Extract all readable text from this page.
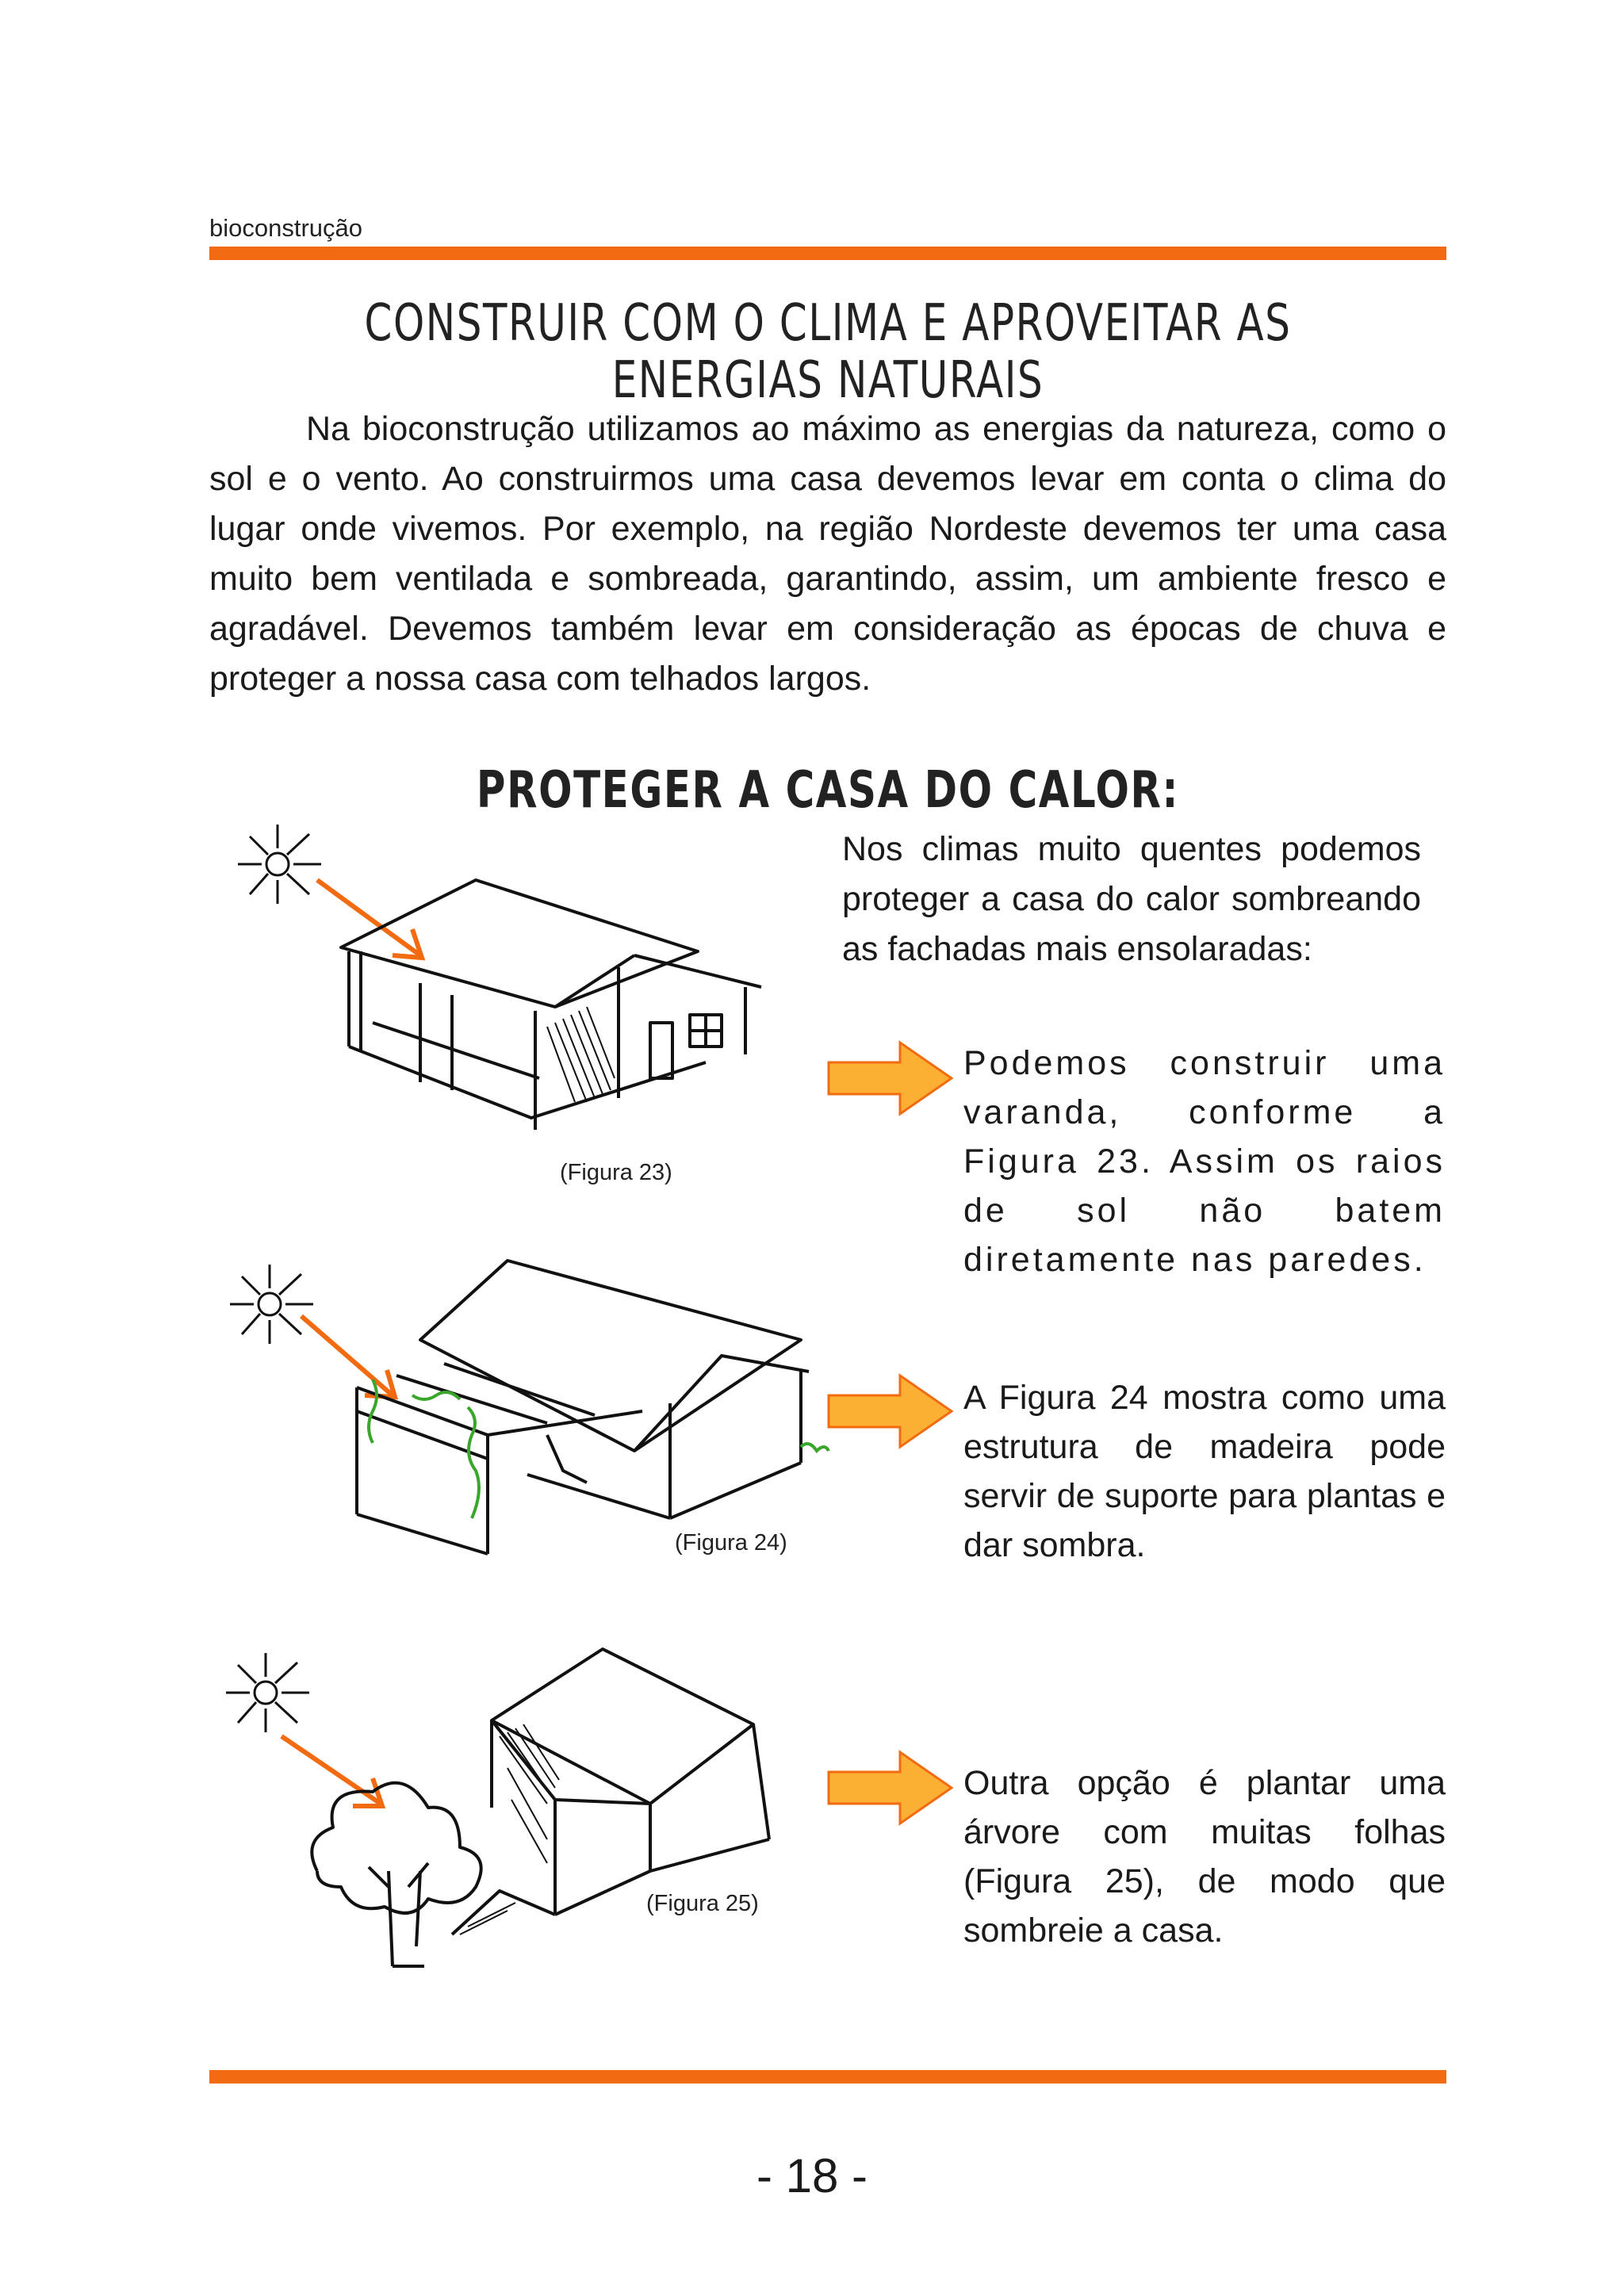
bioconstrução
CONSTRUIR COM O CLIMA E APROVEITAR AS ENERGIAS NATURAIS

Na bioconstrução utilizamos ao máximo as energias da natureza, como o sol e o vento. Ao construirmos uma casa devemos levar em conta o clima do lugar onde vivemos. Por exemplo, na região Nordeste devemos ter uma casa muito bem ventilada e sombreada, garantindo, assim, um ambiente fresco e agradável. Devemos também levar em consideração as épocas de chuva e proteger a nossa casa com telhados largos.

PROTEGER A CASA DO CALOR:

Nos climas muito quentes podemos proteger a casa do calor sombreando as fachadas mais ensolaradas:

(Figura 23)

Podemos construir uma varanda, conforme a Figura 23. Assim os raios de sol não batem diretamente nas paredes.

(Figura 24)

A Figura 24 mostra como uma estrutura de madeira pode servir de suporte para plantas e dar sombra.

(Figura 25)

Outra opção é plantar uma árvore com muitas folhas (Figura 25), de modo que sombreie a casa.

- 18 -
